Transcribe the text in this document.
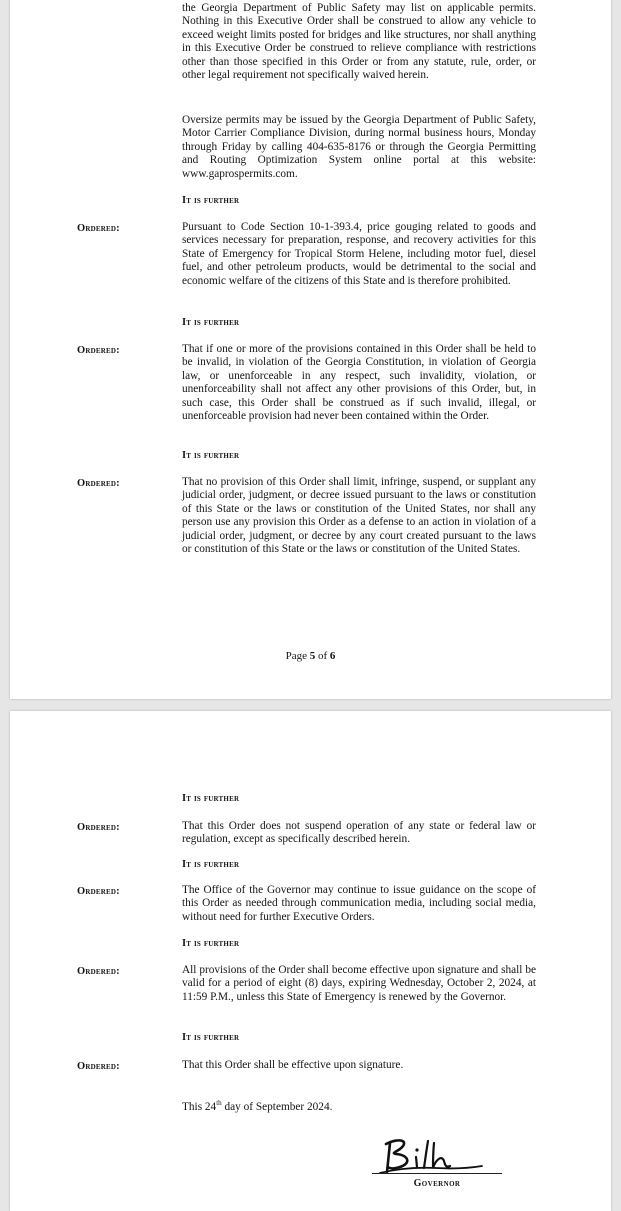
the Georgia Department of Public Safety may list on applicable permits. Nothing in this Executive Order shall be construed to allow any vehicle to exceed weight limits posted for bridges and like structures, nor shall anything in this Executive Order be construed to relieve compliance with restrictions other than those specified in this Order or from any statute, rule, order, or other legal requirement not specifically waived herein.
Oversize permits may be issued by the Georgia Department of Public Safety, Motor Carrier Compliance Division, during normal business hours, Monday through Friday by calling 404-635-8176 or through the Georgia Permitting and Routing Optimization System online portal at this website: www.gaprospermits.com.
It is further
Ordered:	Pursuant to Code Section 10-1-393.4, price gouging related to goods and services necessary for preparation, response, and recovery activities for this State of Emergency for Tropical Storm Helene, including motor fuel, diesel fuel, and other petroleum products, would be detrimental to the social and economic welfare of the citizens of this State and is therefore prohibited.
It is further
Ordered:	That if one or more of the provisions contained in this Order shall be held to be invalid, in violation of the Georgia Constitution, in violation of Georgia law, or unenforceable in any respect, such invalidity, violation, or unenforceability shall not affect any other provisions of this Order, but, in such case, this Order shall be construed as if such invalid, illegal, or unenforceable provision had never been contained within the Order.
It is further
Ordered:	That no provision of this Order shall limit, infringe, suspend, or supplant any judicial order, judgment, or decree issued pursuant to the laws or constitution of this State or the laws or constitution of the United States, nor shall any person use any provision this Order as a defense to an action in violation of a judicial order, judgment, or decree by any court created pursuant to the laws or constitution of this State or the laws or constitution of the United States.
Page 5 of 6
It is further
Ordered:	That this Order does not suspend operation of any state or federal law or regulation, except as specifically described herein.
It is further
Ordered:	The Office of the Governor may continue to issue guidance on the scope of this Order as needed through communication media, including social media, without need for further Executive Orders.
It is further
Ordered:	All provisions of the Order shall become effective upon signature and shall be valid for a period of eight (8) days, expiring Wednesday, October 2, 2024, at 11:59 P.M., unless this State of Emergency is renewed by the Governor.
It is further
Ordered:	That this Order shall be effective upon signature.
This 24th day of September 2024.
Governor
